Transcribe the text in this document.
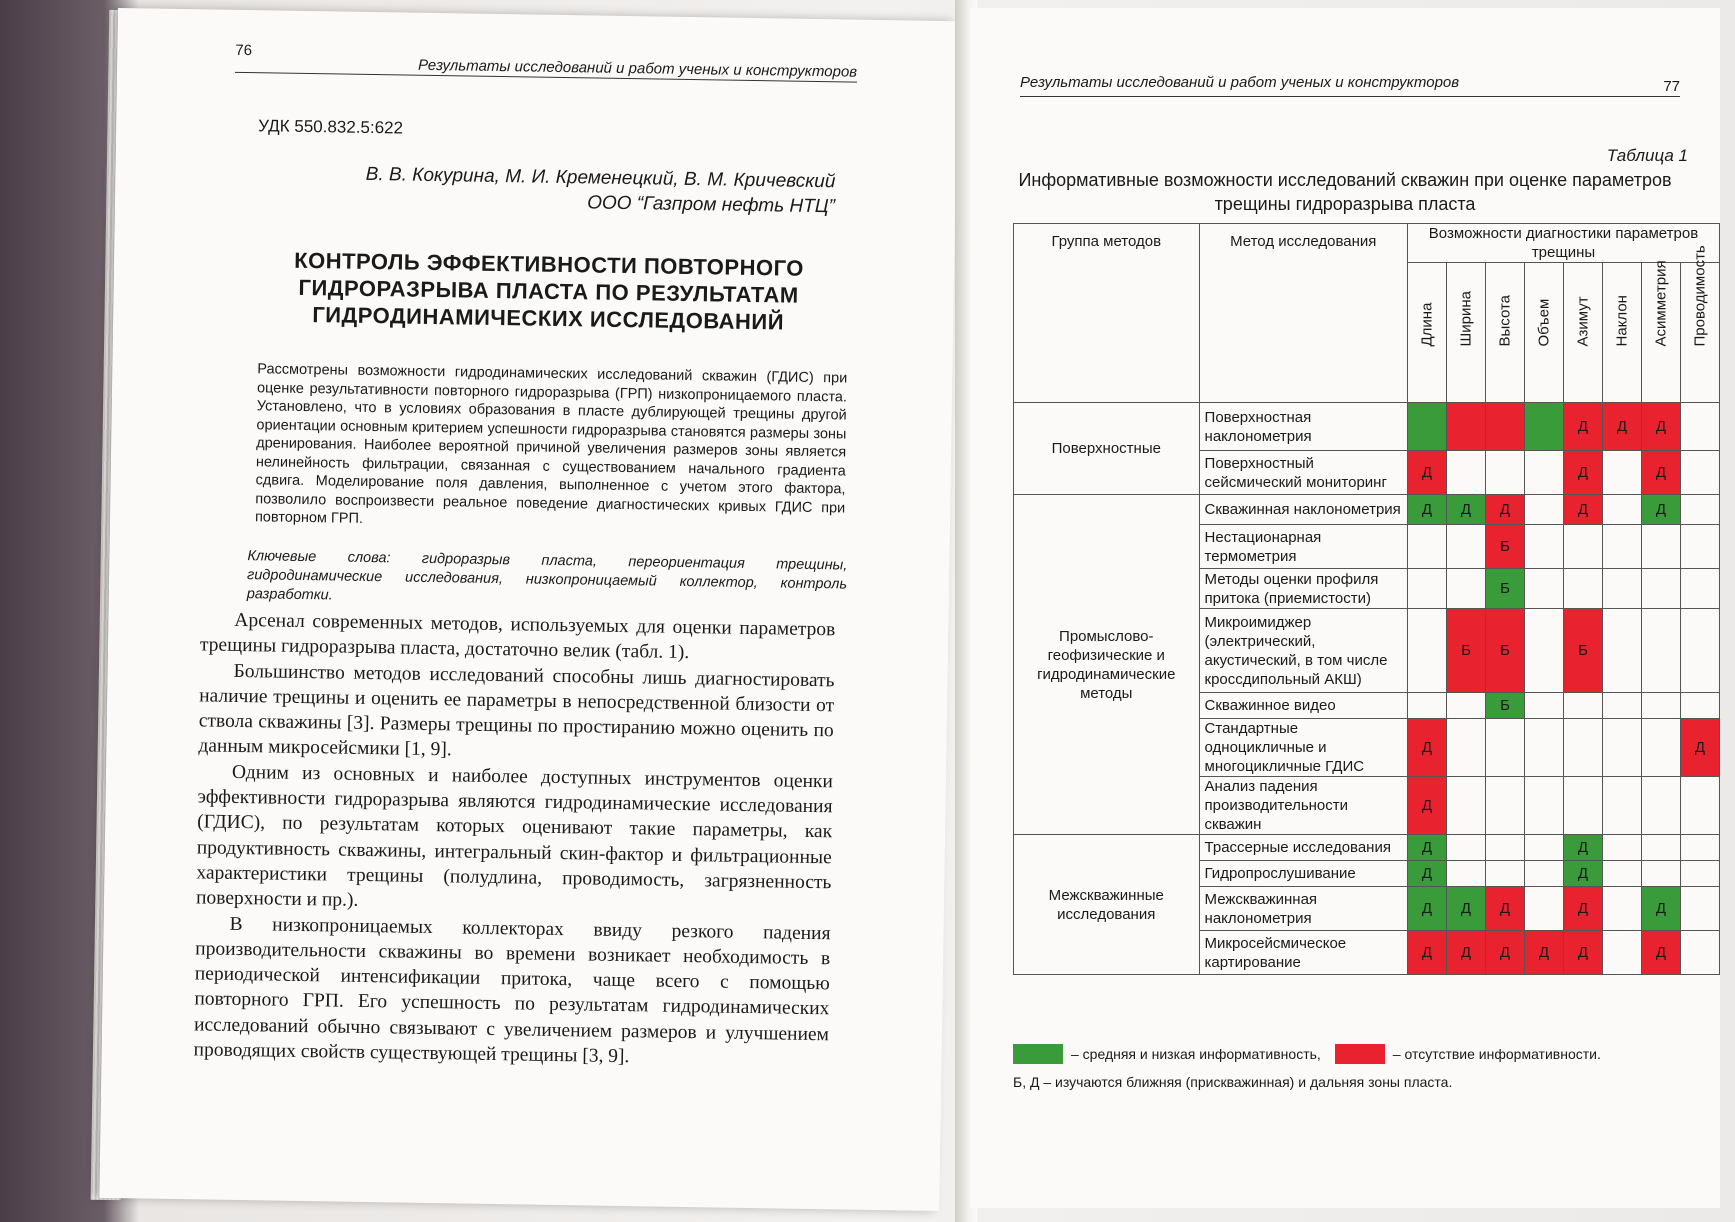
76
Результаты исследований и работ ученых и конструкторов
УДК 550.832.5:622
В. В. Кокурина, М. И. Кременецкий, В. М. Кричевский
ООО “Газпром нефть НТЦ”
КОНТРОЛЬ ЭФФЕКТИВНОСТИ ПОВТОРНОГО
ГИДРОРАЗРЫВА ПЛАСТА ПО РЕЗУЛЬТАТАМ
ГИДРОДИНАМИЧЕСКИХ ИССЛЕДОВАНИЙ
Рассмотрены возможности гидродинамических исследований скважин (ГДИС) при оценке результативности повторного гидроразрыва (ГРП) низкопроницаемого пласта. Установлено, что в условиях образования в пласте дублирующей трещины другой ориентации основным критерием успешности гидроразрыва становятся размеры зоны дренирования. Наиболее вероятной причиной увеличения размеров зоны является нелинейность фильтрации, связанная с существованием начального градиента сдвига. Моделирование поля давления, выполненное с учетом этого фактора, позволило воспроизвести реальное поведение диагностических кривых ГДИС при повторном ГРП.
Ключевые слова: гидроразрыв пласта, переориентация трещины, гидродинамические исследования, низкопроницаемый коллектор, контроль разработки.

Арсенал современных методов, используемых для оценки параметров трещины гидроразрыва пласта, достаточно велик (табл. 1).

Большинство методов исследований способны лишь диагностировать наличие трещины и оценить ее параметры в непосредственной близости от ствола скважины [3]. Размеры трещины по простиранию можно оценить по данным микросейсмики [1, 9].

Одним из основных и наиболее доступных инструментов оценки эффективности гидроразрыва являются гидродинамические исследования (ГДИС), по результатам которых оценивают такие параметры, как продуктивность скважины, интегральный скин-фактор и фильтрационные характеристики трещины (полудлина, проводимость, загрязненность поверхности и пр.).

В низкопроницаемых коллекторах ввиду резкого падения производительности скважины во времени возникает необходимость в периодической интенсификации притока, чаще всего с помощью повторного ГРП. Его успешность по результатам гидродинамических исследований обычно связывают с увеличением размеров и улучшением проводящих свойств существующей трещины [3, 9].

Результаты исследований и работ ученых и конструкторов	77
Таблица 1
Информативные возможности исследований скважин при оценке параметров трещины гидроразрыва пласта
Группа методов	Метод исследования	Возможности диагностики параметров трещины							

		Длина	Ширина	Высота	Объем	Азимут	Наклон	Асимметрия	Проводимость

Поверхностные	Поверхностная наклонометрия					Д	Д	Д	
	Поверхностный сейсмический мониторинг	Д				Д		Д	
Промыслово-геофизические и гидродинамические методы	Скважинная наклонометрия	Д	Д	Д		Д		Д	
	Нестационарная термометрия			Б					
	Методы оценки профиля притока (приемистости)			Б					
	Микроимиджер (электрический, акустический, в том числе кроссдипольный АКШ)		Б	Б		Б			
	Скважинное видео			Б					
	Стандартные одноцикличные и многоцикличные ГДИС	Д							Д
	Анализ падения производительности скважин	Д							
Межскважинные исследования	Трассерные исследования	Д				Д			
	Гидропрослушивание	Д				Д			
	Межскважинная наклонометрия	Д	Д	Д		Д		Д	
	Микросейсмическое картирование	Д	Д	Д	Д	Д		Д	
– средняя и низкая информативность,	– отсутствие информативности.
Б, Д – изучаются ближняя (прискважинная) и дальняя зоны пласта.
